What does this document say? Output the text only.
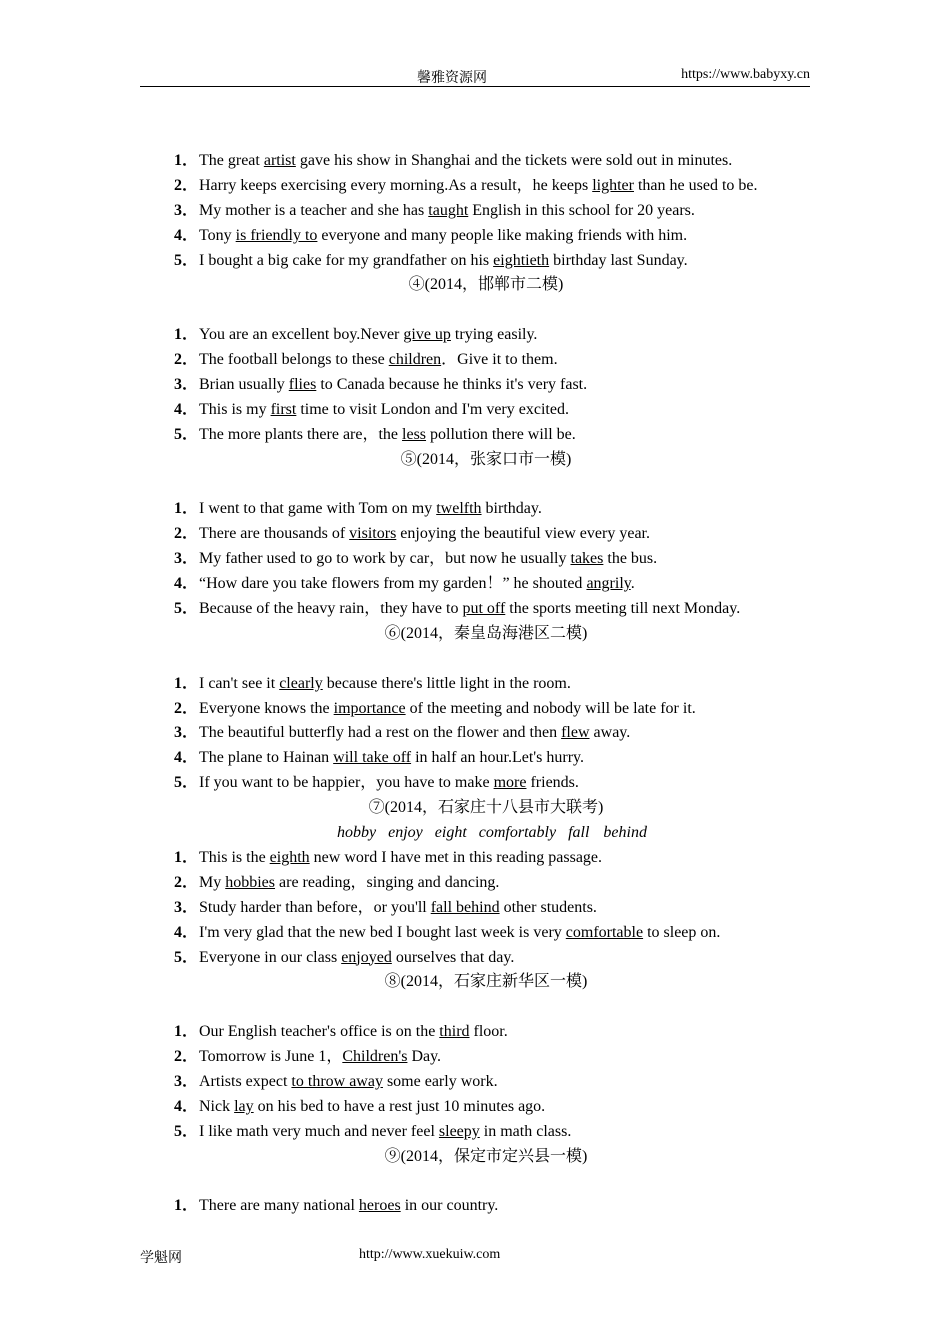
馨雅资源网	https://www.babyxy.cn
1． The great artist gave his show in Shanghai and the tickets were sold out in minutes.
2． Harry keeps exercising every morning.As a result，he keeps lighter than he used to be.
3． My mother is a teacher and she has taught English in this school for 20 years.
4． Tony is friendly to everyone and many people like making friends with him.
5． I bought a big cake for my grandfather on his eightieth birthday last Sunday.
④(2014，邯郸市二模)
1． You are an excellent boy.Never give up trying easily.
2． The football belongs to these children．Give it to them.
3． Brian usually flies to Canada because he thinks it's very fast.
4． This is my first time to visit London and I'm very excited.
5． The more plants there are，the less pollution there will be.
⑤(2014，张家口市一模)
1． I went to that game with Tom on my twelfth birthday.
2． There are thousands of visitors enjoying the beautiful view every year.
3． My father used to go to work by car，but now he usually takes the bus.
4． “How dare you take flowers from my garden！” he shouted angrily.
5． Because of the heavy rain，they have to put off the sports meeting till next Monday.
⑥(2014，秦皇岛海港区二模)
1． I can't see it clearly because there's little light in the room.
2． Everyone knows the importance of the meeting and nobody will be late for it.
3． The beautiful butterfly had a rest on the flower and then flew away.
4． The plane to Hainan will take off in half an hour.Let's hurry.
5． If you want to be happier，you have to make more friends.
⑦(2014，石家庄十八县市大联考)
hobby enjoy eight comfortably fall behind
1． This is the eighth new word I have met in this reading passage.
2． My hobbies are reading，singing and dancing.
3． Study harder than before，or you'll fall behind other students.
4． I'm very glad that the new bed I bought last week is very comfortable to sleep on.
5． Everyone in our class enjoyed ourselves that day.
⑧(2014，石家庄新华区一模)
1． Our English teacher's office is on the third floor.
2． Tomorrow is June 1，Children's Day.
3． Artists expect to throw away some early work.
4． Nick lay on his bed to have a rest just 10 minutes ago.
5． I like math very much and never feel sleepy in math class.
⑨(2014，保定市定兴县一模)
1． There are many national heroes in our country.
学魁网	http://www.xuekuiw.com
